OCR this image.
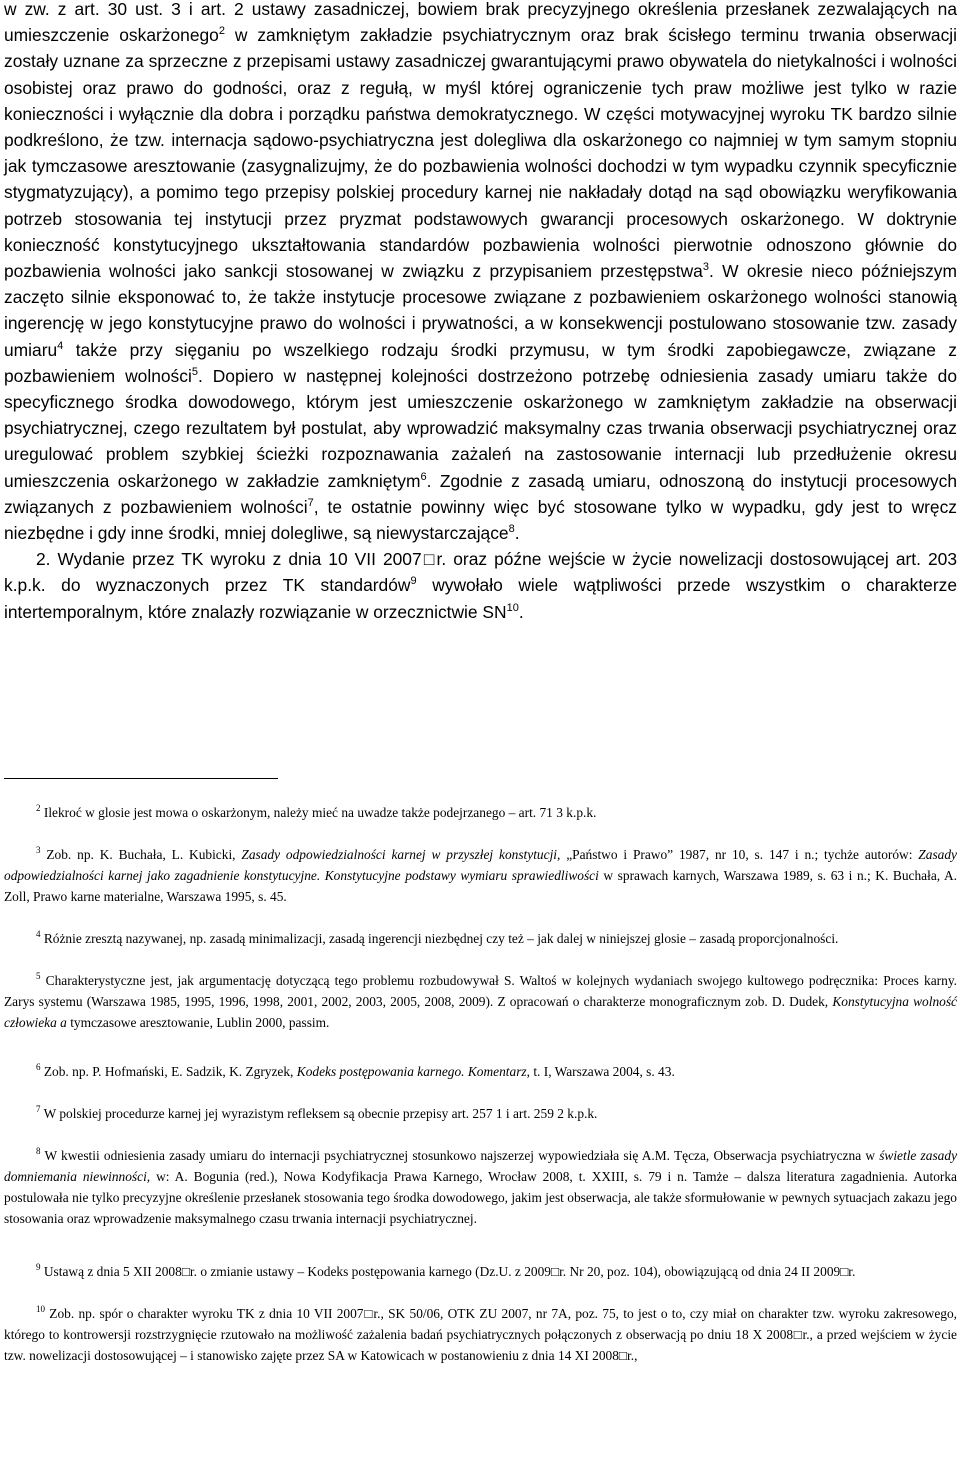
w zw. z art. 30 ust. 3 i art. 2 ustawy zasadniczej, bowiem brak precyzyjnego określenia przesłanek zezwalających na umieszczenie oskarżonego$^2$ w zamkniętym zakładzie psychiatrycznym oraz brak ścisłego terminu trwania obserwacji zostały uznane za sprzeczne z przepisami ustawy zasadniczej gwarantującymi prawo obywatela do nietykalności i wolności osobistej oraz prawo do godności, oraz z regułą, w myśl której ograniczenie tych praw możliwe jest tylko w razie konieczności i wyłącznie dla dobra i porządku państwa demokratycznego. W części motywacyjnej wyroku TK bardzo silnie podkreślono, że tzw. internacja sądowo-psychiatryczna jest dolegliwa dla oskarżonego co najmniej w tym samym stopniu jak tymczasowe aresztowanie (zasygnalizujmy, że do pozbawienia wolności dochodzi w tym wypadku czynnik specyficznie stygmatyzujący), a pomimo tego przepisy polskiej procedury karnej nie nakładały dotąd na sąd obowiązku weryfikowania potrzeb stosowania tej instytucji przez pryzmat podstawowych gwarancji procesowych oskarżonego. W doktrynie konieczność konstytucyjnego ukształtowania standardów pozbawienia wolności pierwotnie odnoszono głównie do pozbawienia wolności jako sankcji stosowanej w związku z przypisaniem przestępstwa$^3$. W okresie nieco późniejszym zaczęto silnie eksponować to, że także instytucje procesowe związane z pozbawieniem oskarżonego wolności stanowią ingerencję w jego konstytucyjne prawo do wolności i prywatności, a w konsekwencji postulowano stosowanie tzw. zasady umiaru$^4$ także przy sięganiu po wszelkiego rodzaju środki przymusu, w tym środki zapobiegawcze, związane z pozbawieniem wolności$^5$. Dopiero w następnej kolejności dostrzeżono potrzebę odniesienia zasady umiaru także do specyficznego środka dowodowego, którym jest umieszczenie oskarżonego w zamkniętym zakładzie na obserwacji psychiatrycznej, czego rezultatem był postulat, aby wprowadzić maksymalny czas trwania obserwacji psychiatrycznej oraz uregulować problem szybkiej ścieżki rozpoznawania zażaleń na zastosowanie internacji lub przedłużenie okresu umieszczenia oskarżonego w zakładzie zamkniętym$^6$. Zgodnie z zasadą umiaru, odnoszoną do instytucji procesowych związanych z pozbawieniem wolności$^7$, te ostatnie powinny więc być stosowane tylko w wypadku, gdy jest to wręcz niezbędne i gdy inne środki, mniej dolegliwe, są niewystarczające$^8$.

2. Wydanie przez TK wyroku z dnia 10 VII 2007□r. oraz późne wejście w życie nowelizacji dostosowującej art. 203 k.p.k. do wyznaczonych przez TK standardów$^9$ wywołało wiele wątpliwości przede wszystkim o charakterze intertemporalnym, które znalazły rozwiązanie w orzecznictwie SN$^{10}$.

$^2$ Ilekroć w glosie jest mowa o oskarżonym, należy mieć na uwadze także podejrzanego – art. 71 3 k.p.k.

$^3$ Zob. np. K. Buchała, L. Kubicki, Zasady odpowiedzialności karnej w przyszłej konstytucji, „Państwo i Prawo” 1987, nr 10, s. 147 i n.; tychże autorów: Zasady odpowiedzialności karnej jako zagadnienie konstytucyjne. Konstytucyjne podstawy wymiaru sprawiedliwości w sprawach karnych, Warszawa 1989, s. 63 i n.; K. Buchała, A. Zoll, Prawo karne materialne, Warszawa 1995, s. 45.

$^4$ Różnie zresztą nazywanej, np. zasadą minimalizacji, zasadą ingerencji niezbędnej czy też – jak dalej w niniejszej glosie – zasadą proporcjonalności.

$^5$ Charakterystyczne jest, jak argumentację dotyczącą tego problemu rozbudowywał S. Waltoś w kolejnych wydaniach swojego kultowego podręcznika: Proces karny. Zarys systemu (Warszawa 1985, 1995, 1996, 1998, 2001, 2002, 2003, 2005, 2008, 2009). Z opracowań o charakterze monograficznym zob. D. Dudek, Konstytucyjna wolność człowieka a tymczasowe aresztowanie, Lublin 2000, passim.

$^6$ Zob. np. P. Hofmański, E. Sadzik, K. Zgryzek, Kodeks postępowania karnego. Komentarz, t. I, Warszawa 2004, s. 43.

$^7$ W polskiej procedurze karnej jej wyrazistym refleksem są obecnie przepisy art. 257 1 i art. 259 2 k.p.k.

$^8$ W kwestii odniesienia zasady umiaru do internacji psychiatrycznej stosunkowo najszerzej wypowiedziała się A.M. Tęcza, Obserwacja psychiatryczna w świetle zasady domniemania niewinności, w: A. Bogunia (red.), Nowa Kodyfikacja Prawa Karnego, Wrocław 2008, t. XXIII, s. 79 i n. Tamże – dalsza literatura zagadnienia. Autorka postulowała nie tylko precyzyjne określenie przesłanek stosowania tego środka dowodowego, jakim jest obserwacja, ale także sformułowanie w pewnych sytuacjach zakazu jego stosowania oraz wprowadzenie maksymalnego czasu trwania internacji psychiatrycznej.

$^9$ Ustawą z dnia 5 XII 2008□r. o zmianie ustawy – Kodeks postępowania karnego (Dz.U. z 2009□r. Nr 20, poz. 104), obowiązującą od dnia 24 II 2009□r.

$^{10}$ Zob. np. spór o charakter wyroku TK z dnia 10 VII 2007□r., SK 50/06, OTK ZU 2007, nr 7A, poz. 75, to jest o to, czy miał on charakter tzw. wyroku zakresowego, którego to kontrowersji rozstrzygnięcie rzutowało na możliwość zażalenia badań psychiatrycznych połączonych z obserwacją po dniu 18 X 2008□r., a przed wejściem w życie tzw. nowelizacji dostosowującej – i stanowisko zajęte przez SA w Katowicach w postanowieniu z dnia 14 XI 2008□r.,
